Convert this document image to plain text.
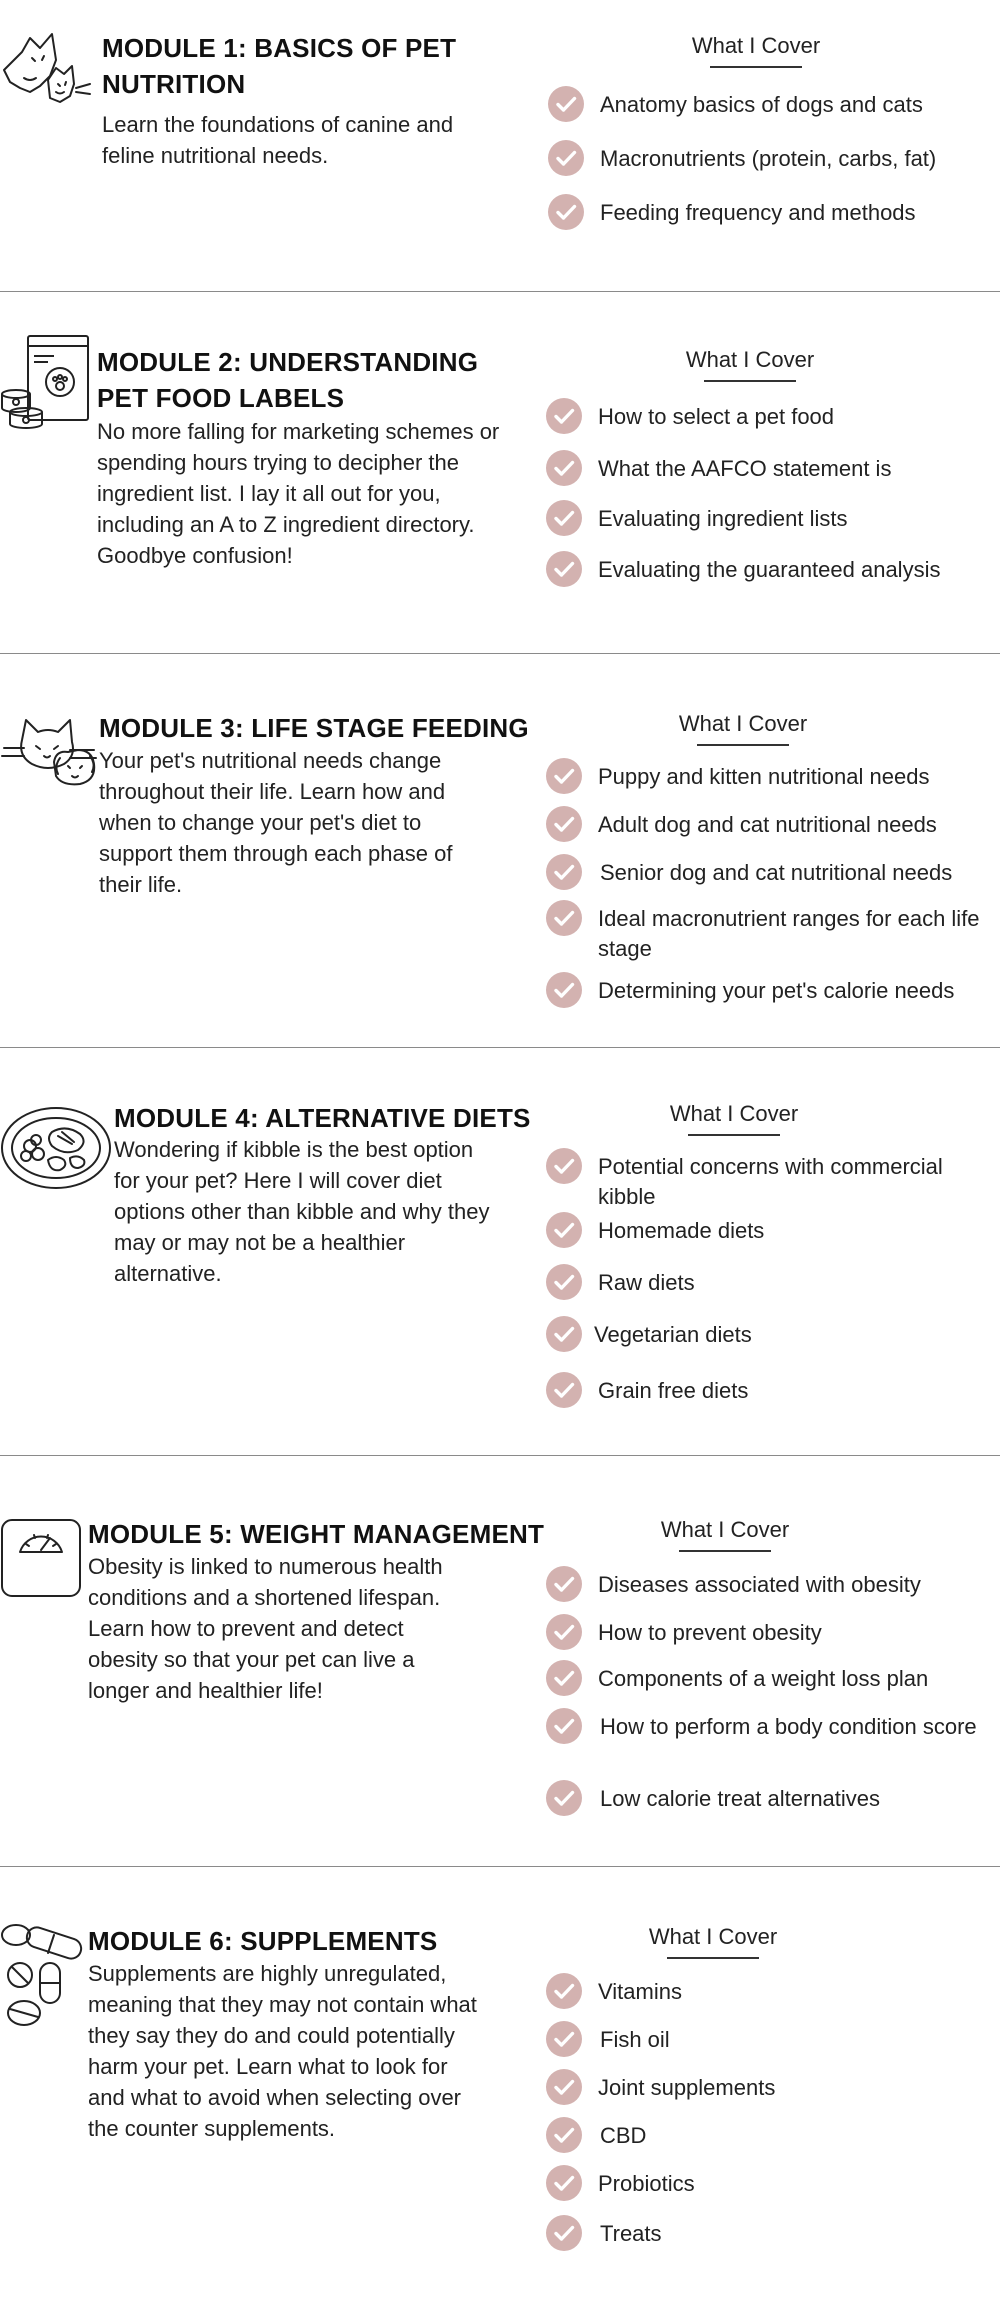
MODULE 1: BASICS OF PET NUTRITION

Learn the foundations of canine and feline nutritional needs.

What I Cover
Anatomy basics of dogs and cats
Macronutrients (protein, carbs, fat)
Feeding frequency and methods
MODULE 2: UNDERSTANDING PET FOOD LABELS

No more falling for marketing schemes or spending hours trying to decipher the ingredient list. I lay it all out for you, including an A to Z ingredient directory. Goodbye confusion!

What I Cover
How to select a pet food
What the AAFCO statement is
Evaluating ingredient lists
Evaluating the guaranteed analysis
MODULE 3: LIFE STAGE FEEDING

Your pet's nutritional needs change throughout their life. Learn how and when to change your pet's diet to support them through each phase of their life.

What I Cover
Puppy and kitten nutritional needs
Adult dog and cat nutritional needs
Senior dog and cat nutritional needs
Ideal macronutrient ranges for each life stage
Determining your pet's calorie needs
MODULE 4: ALTERNATIVE DIETS

Wondering if kibble is the best option for your pet? Here I will cover diet options other than kibble and why they may or may not be a healthier alternative.

What I Cover
Potential concerns with commercial kibble
Homemade diets
Raw diets
Vegetarian diets
Grain free diets
MODULE 5: WEIGHT MANAGEMENT

Obesity is linked to numerous health conditions and a shortened lifespan. Learn how to prevent and detect obesity so that your pet can live a longer and healthier life!

What I Cover
Diseases associated with obesity
How to prevent obesity
Components of a weight loss plan
How to perform a body condition score
Low calorie treat alternatives
MODULE 6: SUPPLEMENTS

Supplements are highly unregulated, meaning that they may not contain what they say they do and could potentially harm your pet. Learn what to look for and what to avoid when selecting over the counter supplements.

What I Cover
Vitamins
Fish oil
Joint supplements
CBD
Probiotics
Treats
